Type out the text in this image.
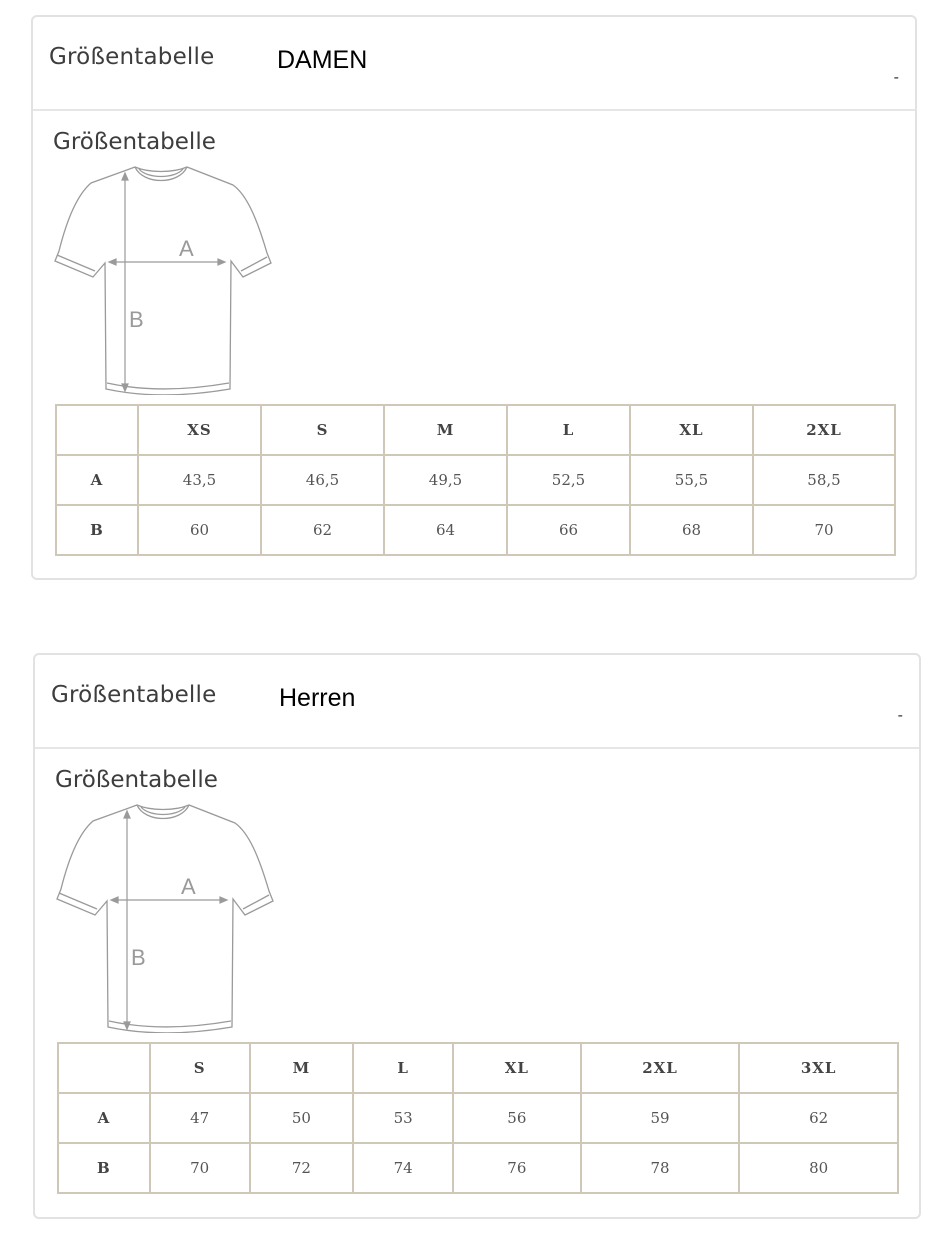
Größentabelle	DAMEN
-
Größentabelle
A
B
	XS	S	M	L	XL	2XL
A	43,5	46,5	49,5	52,5	55,5	58,5
B	60	62	64	66	68	70
Größentabelle	Herren
-
Größentabelle
A
B
	S	M	L	XL	2XL	3XL
A	47	50	53	56	59	62
B	70	72	74	76	78	80
